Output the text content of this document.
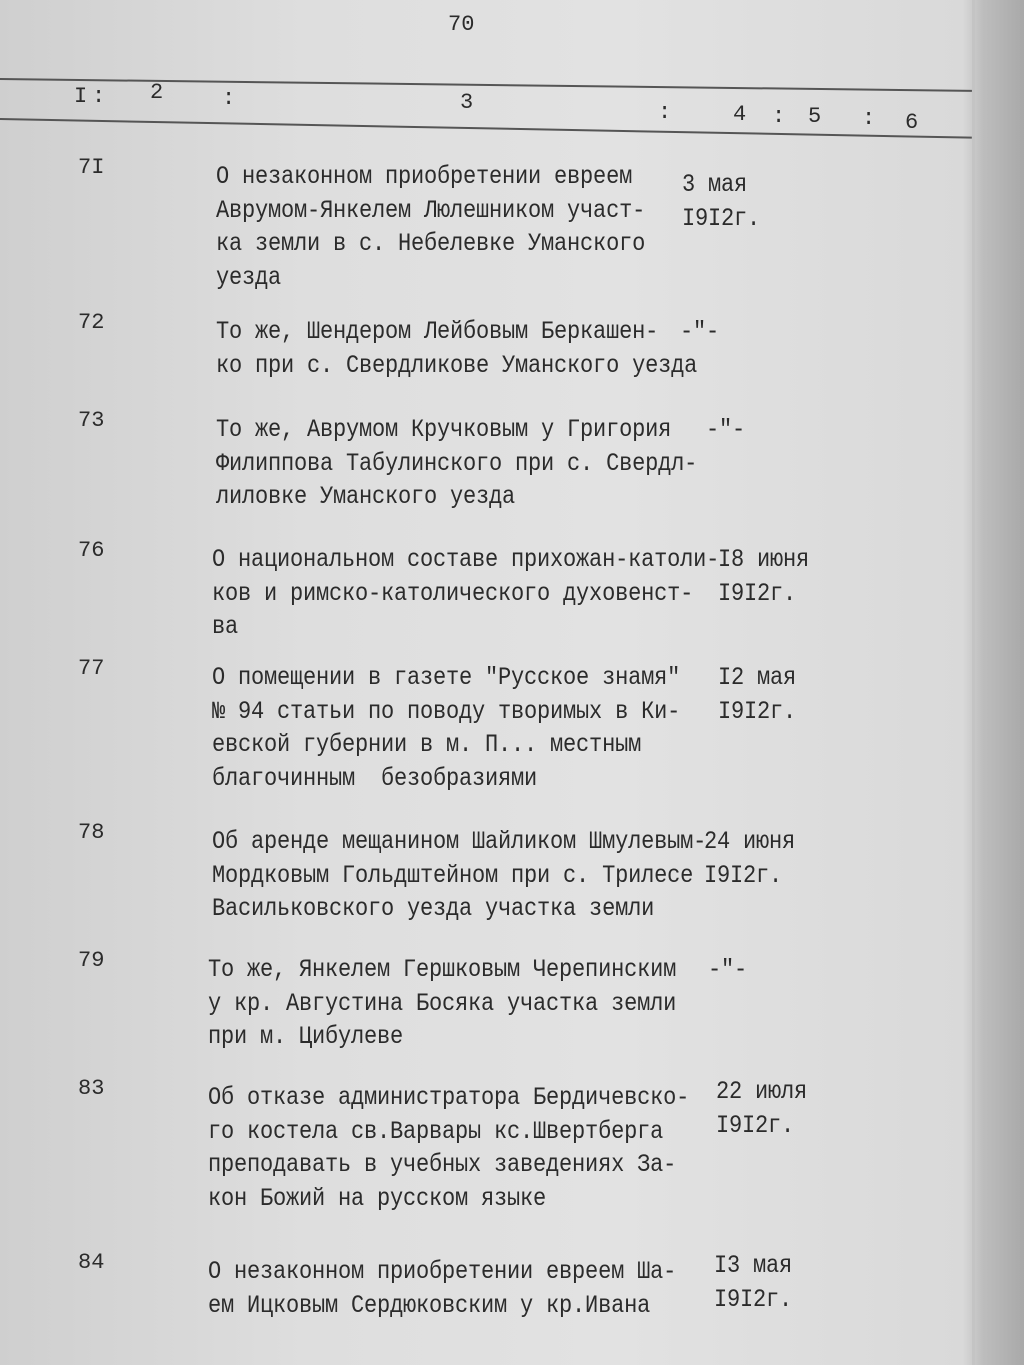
70
I : 2	:	3	:	4 : 5 : 6
7I	О незаконном приобретении евреем
Аврумом-Янкелем Люлешником участ-
ка земли в с. Небелевке Уманского
уезда
3 мая
I9I2г.
72	То же, Шендером Лейбовым Беркашен-
ко при с. Свердликове Уманского уезда
-"-
73	То же, Аврумом Кручковым у Григория
Филиппова Табулинского при с. Свердл-
лиловке Уманского уезда
-"-
76	О национальном составе прихожан-католи-
ков и римско-католического духовенст-
ва
I8 июня
I9I2г.
77	О помещении в газете "Русское знамя"
№ 94 статьи по поводу творимых в Ки-
евской губернии в м. П... местным
благочинным  безобразиями
I2 мая
I9I2г.
78	Об аренде мещанином Шайликом Шмулевым-
Мордковым Гольдштейном при с. Трилесе
Васильковского уезда участка земли
24 июня
I9I2г.
79	То же, Янкелем Гершковым Черепинским
у кр. Августина Босяка участка земли
при м. Цибулеве
-"-
83	Об отказе администратора Бердичевско-
го костела св.Варвары кс.Швертберга
преподавать в учебных заведениях За-
кон Божий на русском языке
22 июля
I9I2г.
84	О незаконном приобретении евреем Ша-
ем Ицковым Сердюковским у кр.Ивана
I3 мая
I9I2г.
